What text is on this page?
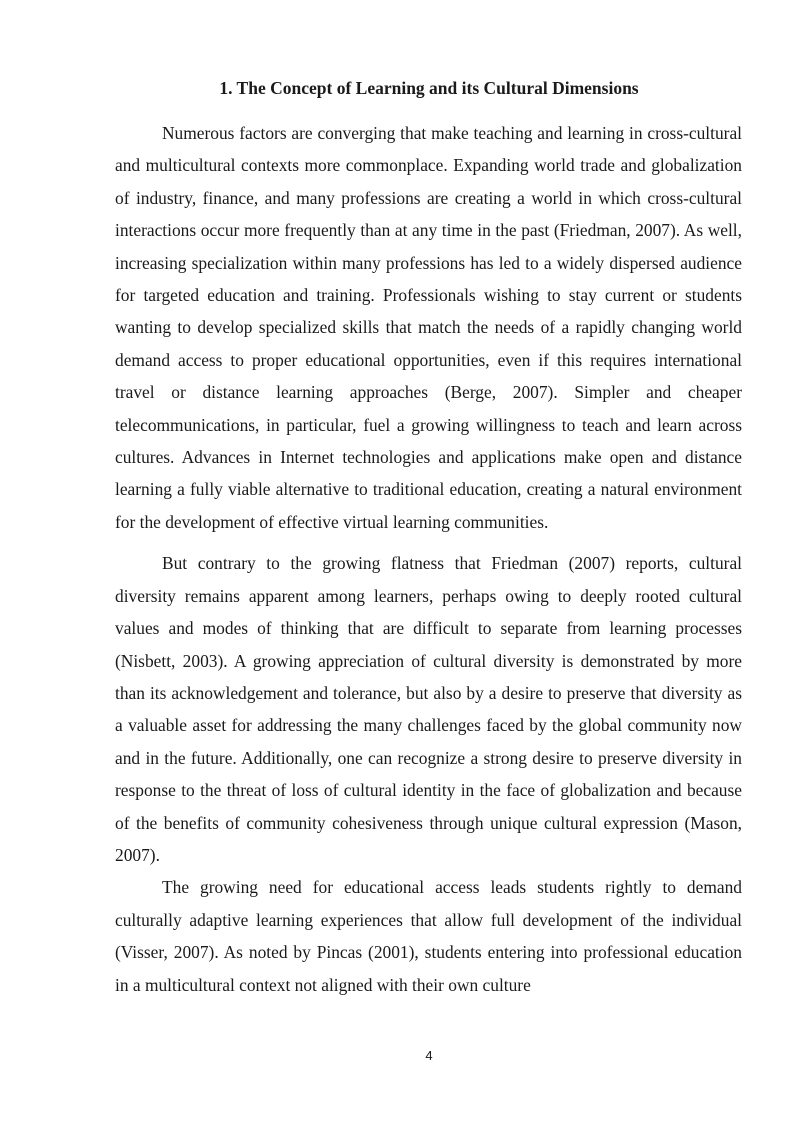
1. The Concept of Learning and its Cultural Dimensions

Numerous factors are converging that make teaching and learning in cross-cultural and multicultural contexts more commonplace. Expanding world trade and globalization of industry, finance, and many professions are creating a world in which cross-cultural interactions occur more frequently than at any time in the past (Friedman, 2007). As well, increasing specialization within many professions has led to a widely dispersed audience for targeted education and training. Professionals wishing to stay current or students wanting to develop specialized skills that match the needs of a rapidly changing world demand access to proper educational opportunities, even if this requires international travel or distance learning approaches (Berge, 2007). Simpler and cheaper telecommunications, in particular, fuel a growing willingness to teach and learn across cultures. Advances in Internet technologies and applications make open and distance learning a fully viable alternative to traditional education, creating a natural environment for the development of effective virtual learning communities.

But contrary to the growing flatness that Friedman (2007) reports, cultural diversity remains apparent among learners, perhaps owing to deeply rooted cultural values and modes of thinking that are difficult to separate from learning processes (Nisbett, 2003). A growing appreciation of cultural diversity is demonstrated by more than its acknowledgement and tolerance, but also by a desire to preserve that diversity as a valuable asset for addressing the many challenges faced by the global community now and in the future. Additionally, one can recognize a strong desire to preserve diversity in response to the threat of loss of cultural identity in the face of globalization and because of the benefits of community cohesiveness through unique cultural expression (Mason, 2007).

The growing need for educational access leads students rightly to demand culturally adaptive learning experiences that allow full development of the individual (Visser, 2007). As noted by Pincas (2001), students entering into professional education in a multicultural context not aligned with their own culture

4
